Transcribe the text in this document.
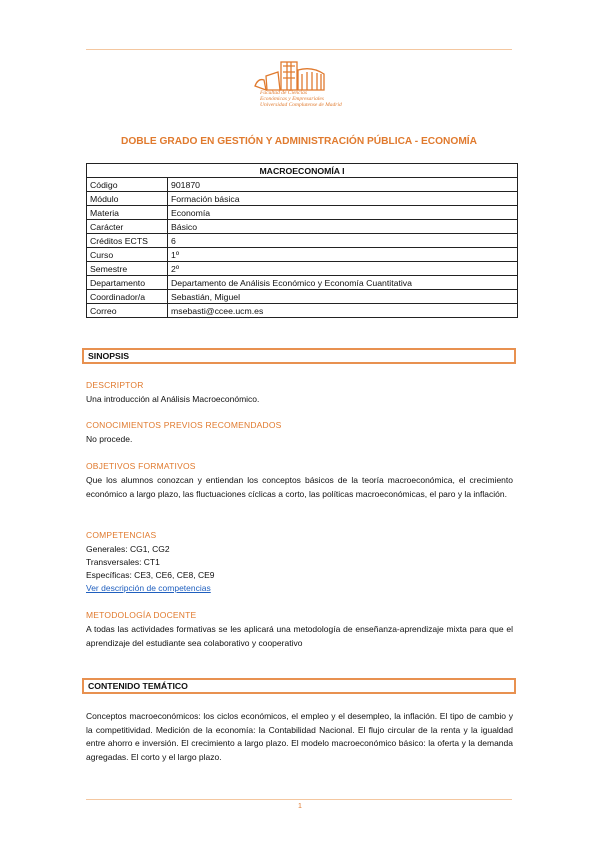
Facultad de Ciencias
Económicas y Empresariales
Universidad Complutense de Madrid
DOBLE GRADO EN GESTIÓN Y ADMINISTRACIÓN PÚBLICA - ECONOMÍA
MACROECONOMÍA I	
Código	901870
Módulo	Formación básica
Materia	Economía
Carácter	Básico
Créditos ECTS	6
Curso	1º
Semestre	2º
Departamento	Departamento de Análisis Económico y Economía Cuantitativa
Coordinador/a	Sebastián, Miguel
Correo	msebasti@ccee.ucm.es
SINOPSIS
DESCRIPTOR
Una introducción al Análisis Macroeconómico.
CONOCIMIENTOS PREVIOS RECOMENDADOS
No procede.
OBJETIVOS FORMATIVOS
Que los alumnos conozcan y entiendan los conceptos básicos de la teoría macroeconómica, el crecimiento económico a largo plazo, las fluctuaciones cíclicas a corto, las políticas macroeconómicas, el paro y la inflación.
COMPETENCIAS
Generales: CG1, CG2
Transversales: CT1
Específicas: CE3, CE6, CE8, CE9
Ver descripción de competencias
METODOLOGÍA DOCENTE
A todas las actividades formativas se les aplicará una metodología de enseñanza-aprendizaje mixta para que el aprendizaje del estudiante sea colaborativo y cooperativo
CONTENIDO TEMÁTICO
Conceptos macroeconómicos: los ciclos económicos, el empleo y el desempleo, la inflación. El tipo de cambio y la competitividad. Medición de la economía: la Contabilidad Nacional. El flujo circular de la renta y la igualdad entre ahorro e inversión. El crecimiento a largo plazo. El modelo macroeconómico básico: la oferta y la demanda agregadas. El corto y el largo plazo.
1
